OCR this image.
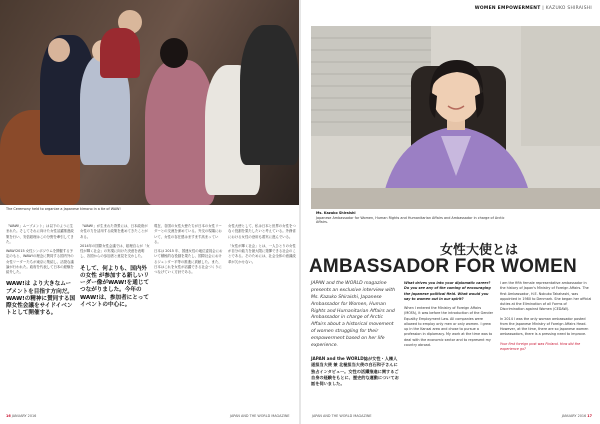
The Ceremony held to organize a Japanese kimono in a tie of WAW!

「WAW!」ムーブメント」は以下のように生まれた。そしてそれに向けた女性活躍推進政策を行い、安倍総理はこの分野を牽引してきた。

WAW!2015 女性シンポジウムを開催する予定のもと、WAW!の理念に賛同する国内外の女性リーダーたちが東京に集結し、活発な議論が行われた。政府を代表して日本の経験を紹介した。

WAW!は より大きなムーブメントを目指す方向だ。WAW!の精神に賛同する国際女性会議をサイドイベントとして開催する。

「WAW!」が生まれた背景には、日本政府が女性の力を活用する政策を進めてきたことがある。

2014年の国際女性会議では、総理自らが「女性が輝く社会」の実現に向けた決意を表明し、各国からの参加者と意見を交わした。

そして、何よりも、国内外の女性 が参加する新しいリーダー像がWAW!を通じてつながりました。今年のWAW!は、参加者にとってイベントの中心に。

現在、各国の女性大使たちが日本の女性リーダーとの交流を深めている。外交の現場において、女性の存在感はますます高まっている。

日本は 2015 年、国連女性の地位委員会において積極的な役割を果たし、国際社会におけるジェンダー平等の推進に貢献した。また、日本はこれを女性が活躍できる社会づくりにつなげていく方針である。

女性大使として、私は日本と世界の女性をつなぐ役割を果たしたいと考えている。外務省における女性の登用も着実に進んでいる。

「女性が輝く社会」とは、一人ひとりの女性が自分の能力を最大限に発揮できる社会のことである。そのためには、社会全体の意識改革が欠かせない。

16 JANUARY 2016	JAPAN AND THE WORLD MAGAZINE
WOMEN EMPOWERMENT | KAZUKO SHIRAISHI
Ms. Kazuko Shiraishi
Japanese Ambassador for Women, Human Rights and Humanitarian Affairs and Ambassador in charge of Arctic Affairs.
女性大使とは
AMBASSADOR FOR WOMEN
JAPAN and the WORLD magazine presents an exclusive interview with Ms. Kazuko Shiraishi, Japanese Ambassador for Women, Human Rights and Humanitarian Affairs and Ambassador in charge of Arctic Affairs about a historical movement of women struggling for their empowerment based on her life experience.
JAPAN and the WORLD誌が女性・人権人道担当大使 兼 北極担当大使の白石和子さんに独占インタビュー。女性の活躍推進に関するご自身の経験をもとに、歴史的な運動についてお話を伺いました。

What drives you into your diplomatic career? Do you see any of the coming of encouraging the Japanese political field. What would you say to women out in our spirit?

When I entered the Ministry of Foreign Affairs (MOFA), it was before the introduction of the Gender Equality Employment Law. All companies were allowed to employ only men or only women. I grew up in the Kansai area and chose to pursue a profession in diplomacy. My work at the time was to deal with the economic sector and to represent my country abroad.

I am the fifth female representative ambassador in the history of Japan's Ministry of Foreign Affairs. The first Ambassador, H.E. Nobuko Takahashi, was appointed in 1980 to Denmark. She began her official duties at the Elimination of all Forms of Discrimination against Women (CEDAW).

In 2014 I was the only woman ambassador posted from the Japanese Ministry of Foreign Affairs Head. However, at the time, there are so Japanese women ambassadors, there is a pressing need to improve.

Your first foreign post was Finland. How did the experience go?

JAPAN AND THE WORLD MAGAZINE	JANUARY 2016 17
